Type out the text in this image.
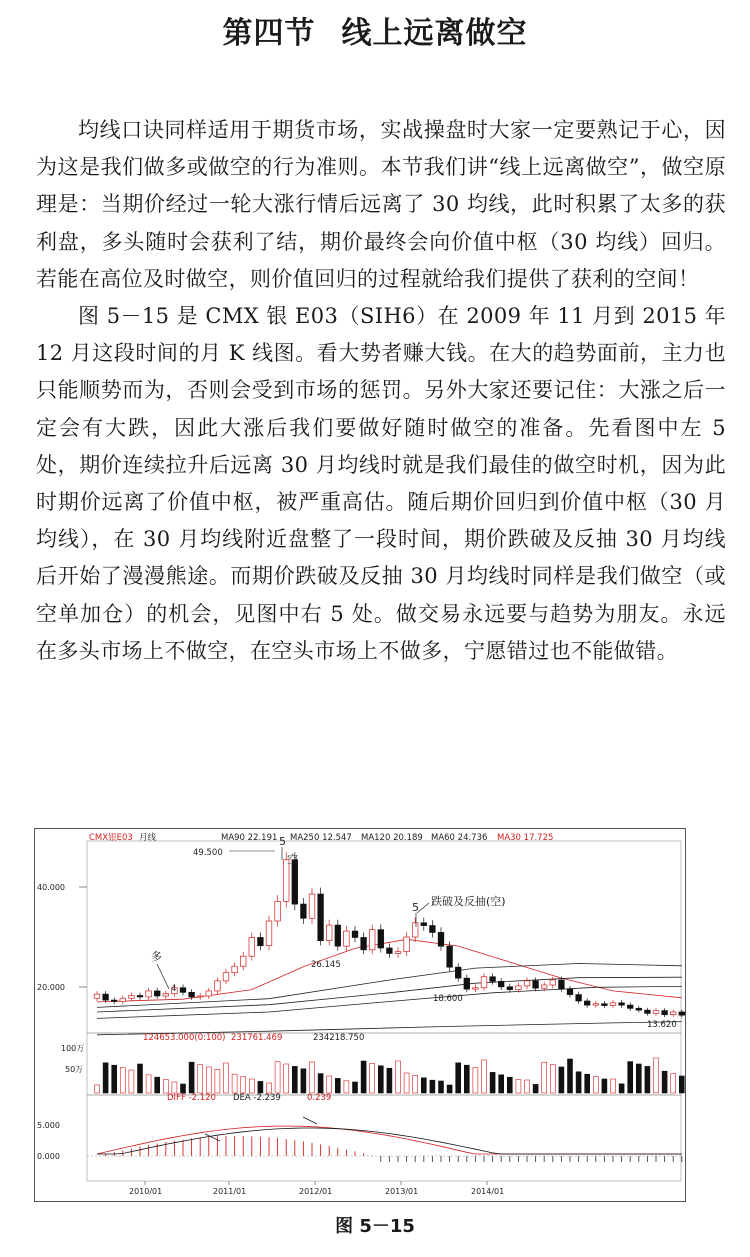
第四节 线上远离做空

均线口诀同样适用于期货市场，实战操盘时大家一定要熟记于心，因为这是我们做多或做空的行为准则。本节我们讲“线上远离做空”，做空原理是：当期价经过一轮大涨行情后远离了 30 均线，此时积累了太多的获利盘，多头随时会获利了结，期价最终会向价值中枢（30 均线）回归。若能在高位及时做空，则价值回归的过程就给我们提供了获利的空间！

图 5－15 是 CMX 银 E03（SIH6）在 2009 年 11 月到 2015 年 12 月这段时间的月 K 线图。看大势者赚大钱。在大的趋势面前，主力也只能顺势而为，否则会受到市场的惩罚。另外大家还要记住：大涨之后一定会有大跌，因此大涨后我们要做好随时做空的准备。先看图中左 5 处，期价连续拉升后远离 30 月均线时就是我们最佳的做空时机，因为此时期价远离了价值中枢，被严重高估。随后期价回归到价值中枢（30 月均线），在 30 月均线附近盘整了一段时间，期价跌破及反抽 30 月均线后开始了漫漫熊途。而期价跌破及反抽 30 月均线时同样是我们做空（或空单加仓）的机会，见图中右 5 处。做交易永远要与趋势为朋友。永远在多头市场上不做空，在空头市场上不做多，宁愿错过也不能做错。

CMX银E03 月线	MA90 22.191 MA250 12.547 MA120 20.189 MA60 24.736 MA30 17.725
40.000
20.000
49.500
5
空
5 跌破及反抽(空)
多
4
26.145
18.600
13.620
124653.000(0:100) 231761.469	234218.750
100万
50万
DIFF -2.120 DEA -2.239	0.239
5.000
0.000
2010/01	2011/01	2012/01	2013/01	2014/01
图 5－15
